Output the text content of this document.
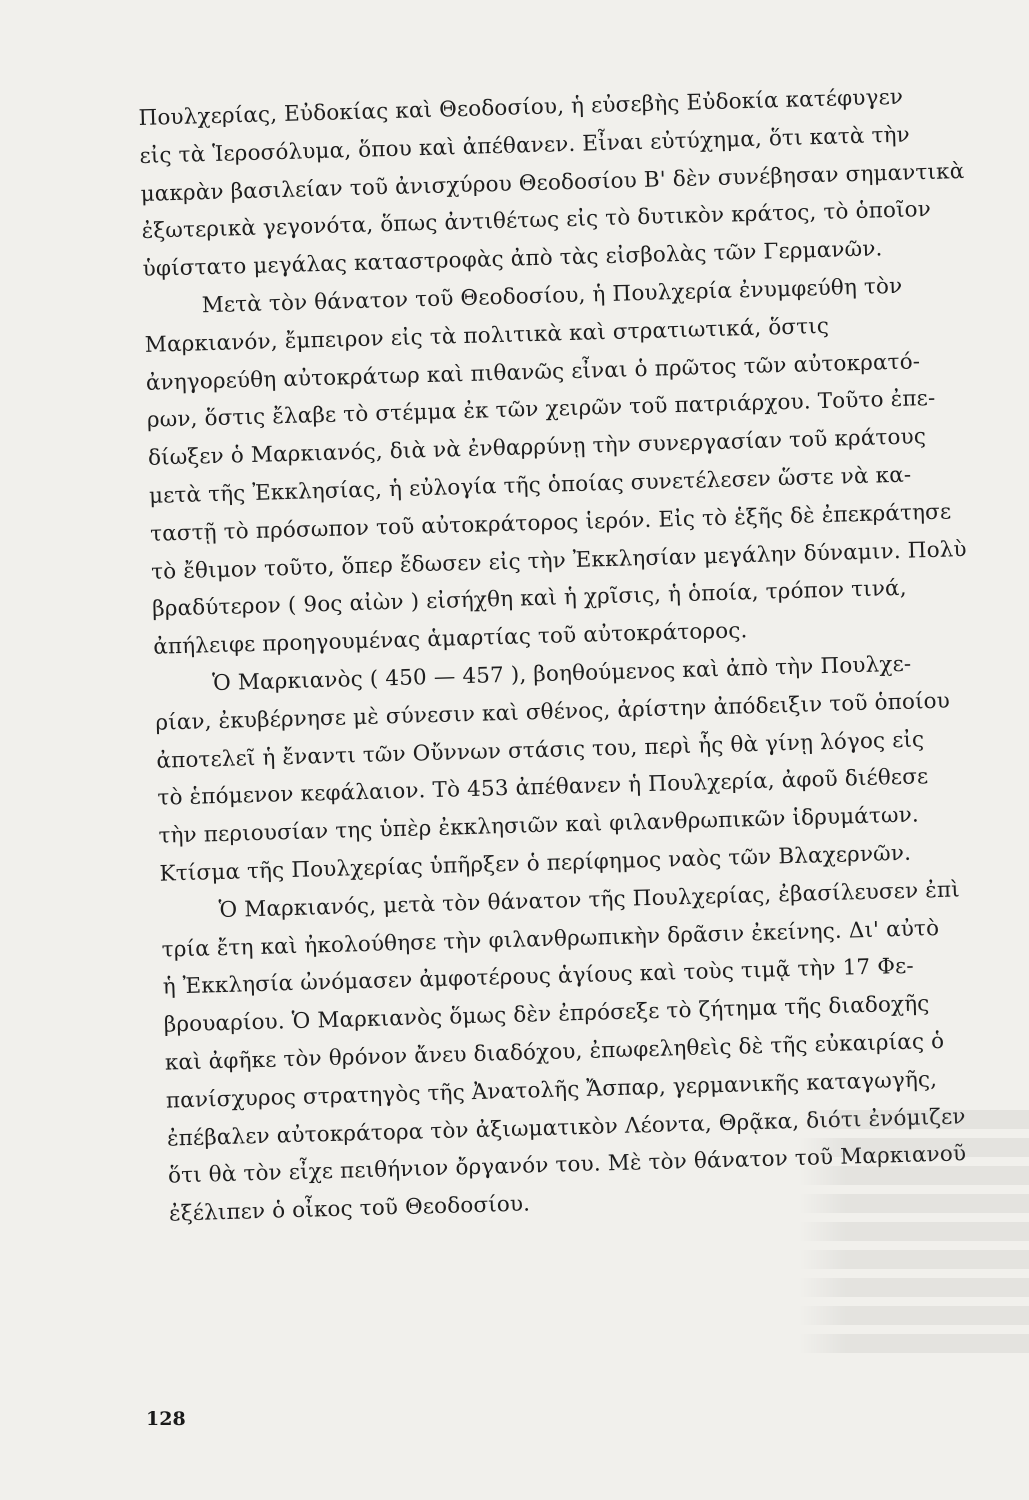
Πουλχερίας, Εὐδοκίας καὶ Θεοδοσίου, ἡ εὐσεβὴς Εὐδοκία κατέφυγεν
εἰς τὰ Ἱεροσόλυμα, ὅπου καὶ ἀπέθανεν. Εἶναι εὐτύχημα, ὅτι κατὰ τὴν
μακρὰν βασιλείαν τοῦ ἀνισχύρου Θεοδοσίου Β' δὲν συνέβησαν σημαντικὰ
ἐξωτερικὰ γεγονότα, ὅπως ἀντιθέτως εἰς τὸ δυτικὸν κράτος, τὸ ὁποῖον
ὑφίστατο μεγάλας καταστροφὰς ἀπὸ τὰς εἰσβολὰς τῶν Γερμανῶν.
Μετὰ τὸν θάνατον τοῦ Θεοδοσίου, ἡ Πουλχερία ἐνυμφεύθη τὸν
Μαρκιανόν, ἔμπειρον εἰς τὰ πολιτικὰ καὶ στρατιωτικά, ὅστις
ἀνηγορεύθη αὐτοκράτωρ καὶ πιθανῶς εἶναι ὁ πρῶτος τῶν αὐτοκρατό-
ρων, ὅστις ἔλαβε τὸ στέμμα ἐκ τῶν χειρῶν τοῦ πατριάρχου. Τοῦτο ἐπε-
δίωξεν ὁ Μαρκιανός, διὰ νὰ ἐνθαρρύνῃ τὴν συνεργασίαν τοῦ κράτους
μετὰ τῆς Ἐκκλησίας, ἡ εὐλογία τῆς ὁποίας συνετέλεσεν ὥστε νὰ κα-
ταστῇ τὸ πρόσωπον τοῦ αὐτοκράτορος ἱερόν. Εἰς τὸ ἑξῆς δὲ ἐπεκράτησε
τὸ ἔθιμον τοῦτο, ὅπερ ἔδωσεν εἰς τὴν Ἐκκλησίαν μεγάλην δύναμιν. Πολὺ
βραδύτερον ( 9ος αἰὼν ) εἰσήχθη καὶ ἡ χρῖσις, ἡ ὁποία, τρόπον τινά,
ἀπήλειφε προηγουμένας ἁμαρτίας τοῦ αὐτοκράτορος.
Ὁ Μαρκιανὸς ( 450 — 457 ), βοηθούμενος καὶ ἀπὸ τὴν Πουλχε-
ρίαν, ἐκυβέρνησε μὲ σύνεσιν καὶ σθένος, ἀρίστην ἀπόδειξιν τοῦ ὁποίου
ἀποτελεῖ ἡ ἔναντι τῶν Οὔννων στάσις του, περὶ ἧς θὰ γίνῃ λόγος εἰς
τὸ ἑπόμενον κεφάλαιον. Τὸ 453 ἀπέθανεν ἡ Πουλχερία, ἀφοῦ διέθεσε
τὴν περιουσίαν της ὑπὲρ ἐκκλησιῶν καὶ φιλανθρωπικῶν ἱδρυμάτων.
Κτίσμα τῆς Πουλχερίας ὑπῆρξεν ὁ περίφημος ναὸς τῶν Βλαχερνῶν.
Ὁ Μαρκιανός, μετὰ τὸν θάνατον τῆς Πουλχερίας, ἐβασίλευσεν ἐπὶ
τρία ἔτη καὶ ἠκολούθησε τὴν φιλανθρωπικὴν δρᾶσιν ἐκείνης. Δι' αὐτὸ
ἡ Ἐκκλησία ὠνόμασεν ἀμφοτέρους ἁγίους καὶ τοὺς τιμᾷ τὴν 17 Φε-
βρουαρίου. Ὁ Μαρκιανὸς ὅμως δὲν ἐπρόσεξε τὸ ζήτημα τῆς διαδοχῆς
καὶ ἀφῆκε τὸν θρόνον ἄνευ διαδόχου, ἐπωφεληθεὶς δὲ τῆς εὐκαιρίας ὁ
πανίσχυρος στρατηγὸς τῆς Ἀνατολῆς Ἄσπαρ, γερμανικῆς καταγωγῆς,
ἐπέβαλεν αὐτοκράτορα τὸν ἀξιωματικὸν Λέοντα, Θρᾷκα, διότι ἐνόμιζεν
ὅτι θὰ τὸν εἶχε πειθήνιον ὄργανόν του. Μὲ τὸν θάνατον τοῦ Μαρκιανοῦ
ἐξέλιπεν ὁ οἶκος τοῦ Θεοδοσίου.
128
